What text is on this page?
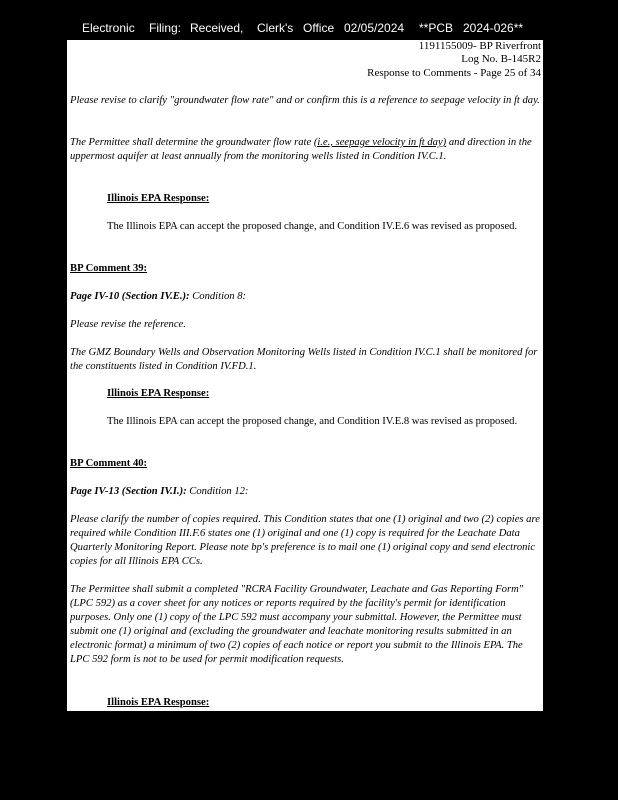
Electronic Filing: Received, Clerk's Office 02/05/2024 **PCB 2024-026**
1191155009- BP Riverfront
Log No. B-145R2
Response to Comments - Page 25 of 34
Please revise to clarify "groundwater flow rate" and or confirm this is a reference to seepage velocity in ft day.
The Permittee shall determine the groundwater flow rate (i.e., seepage velocity in ft day) and direction in the uppermost aquifer at least annually from the monitoring wells listed in Condition IV.C.1.
Illinois EPA Response:
The Illinois EPA can accept the proposed change, and Condition IV.E.6 was revised as proposed.
BP Comment 39:
Page IV-10 (Section IV.E.): Condition 8:
Please revise the reference.
The GMZ Boundary Wells and Observation Monitoring Wells listed in Condition IV.C.1 shall be monitored for the constituents listed in Condition IV.FD.1.
Illinois EPA Response:
The Illinois EPA can accept the proposed change, and Condition IV.E.8 was revised as proposed.
BP Comment 40:
Page IV-13 (Section IV.I.): Condition 12:
Please clarify the number of copies required. This Condition states that one (1) original and two (2) copies are required while Condition III.F.6 states one (1) original and one (1) copy is required for the Leachate Data Quarterly Monitoring Report. Please note bp's preference is to mail one (1) original copy and send electronic copies for all Illinois EPA CCs.
The Permittee shall submit a completed "RCRA Facility Groundwater, Leachate and Gas Reporting Form" (LPC 592) as a cover sheet for any notices or reports required by the facility's permit for identification purposes. Only one (1) copy of the LPC 592 must accompany your submittal. However, the Permittee must submit one (1) original and (excluding the groundwater and leachate monitoring results submitted in an electronic format) a minimum of two (2) copies of each notice or report you submit to the Illinois EPA. The LPC 592 form is not to be used for permit modification requests.
Illinois EPA Response:
